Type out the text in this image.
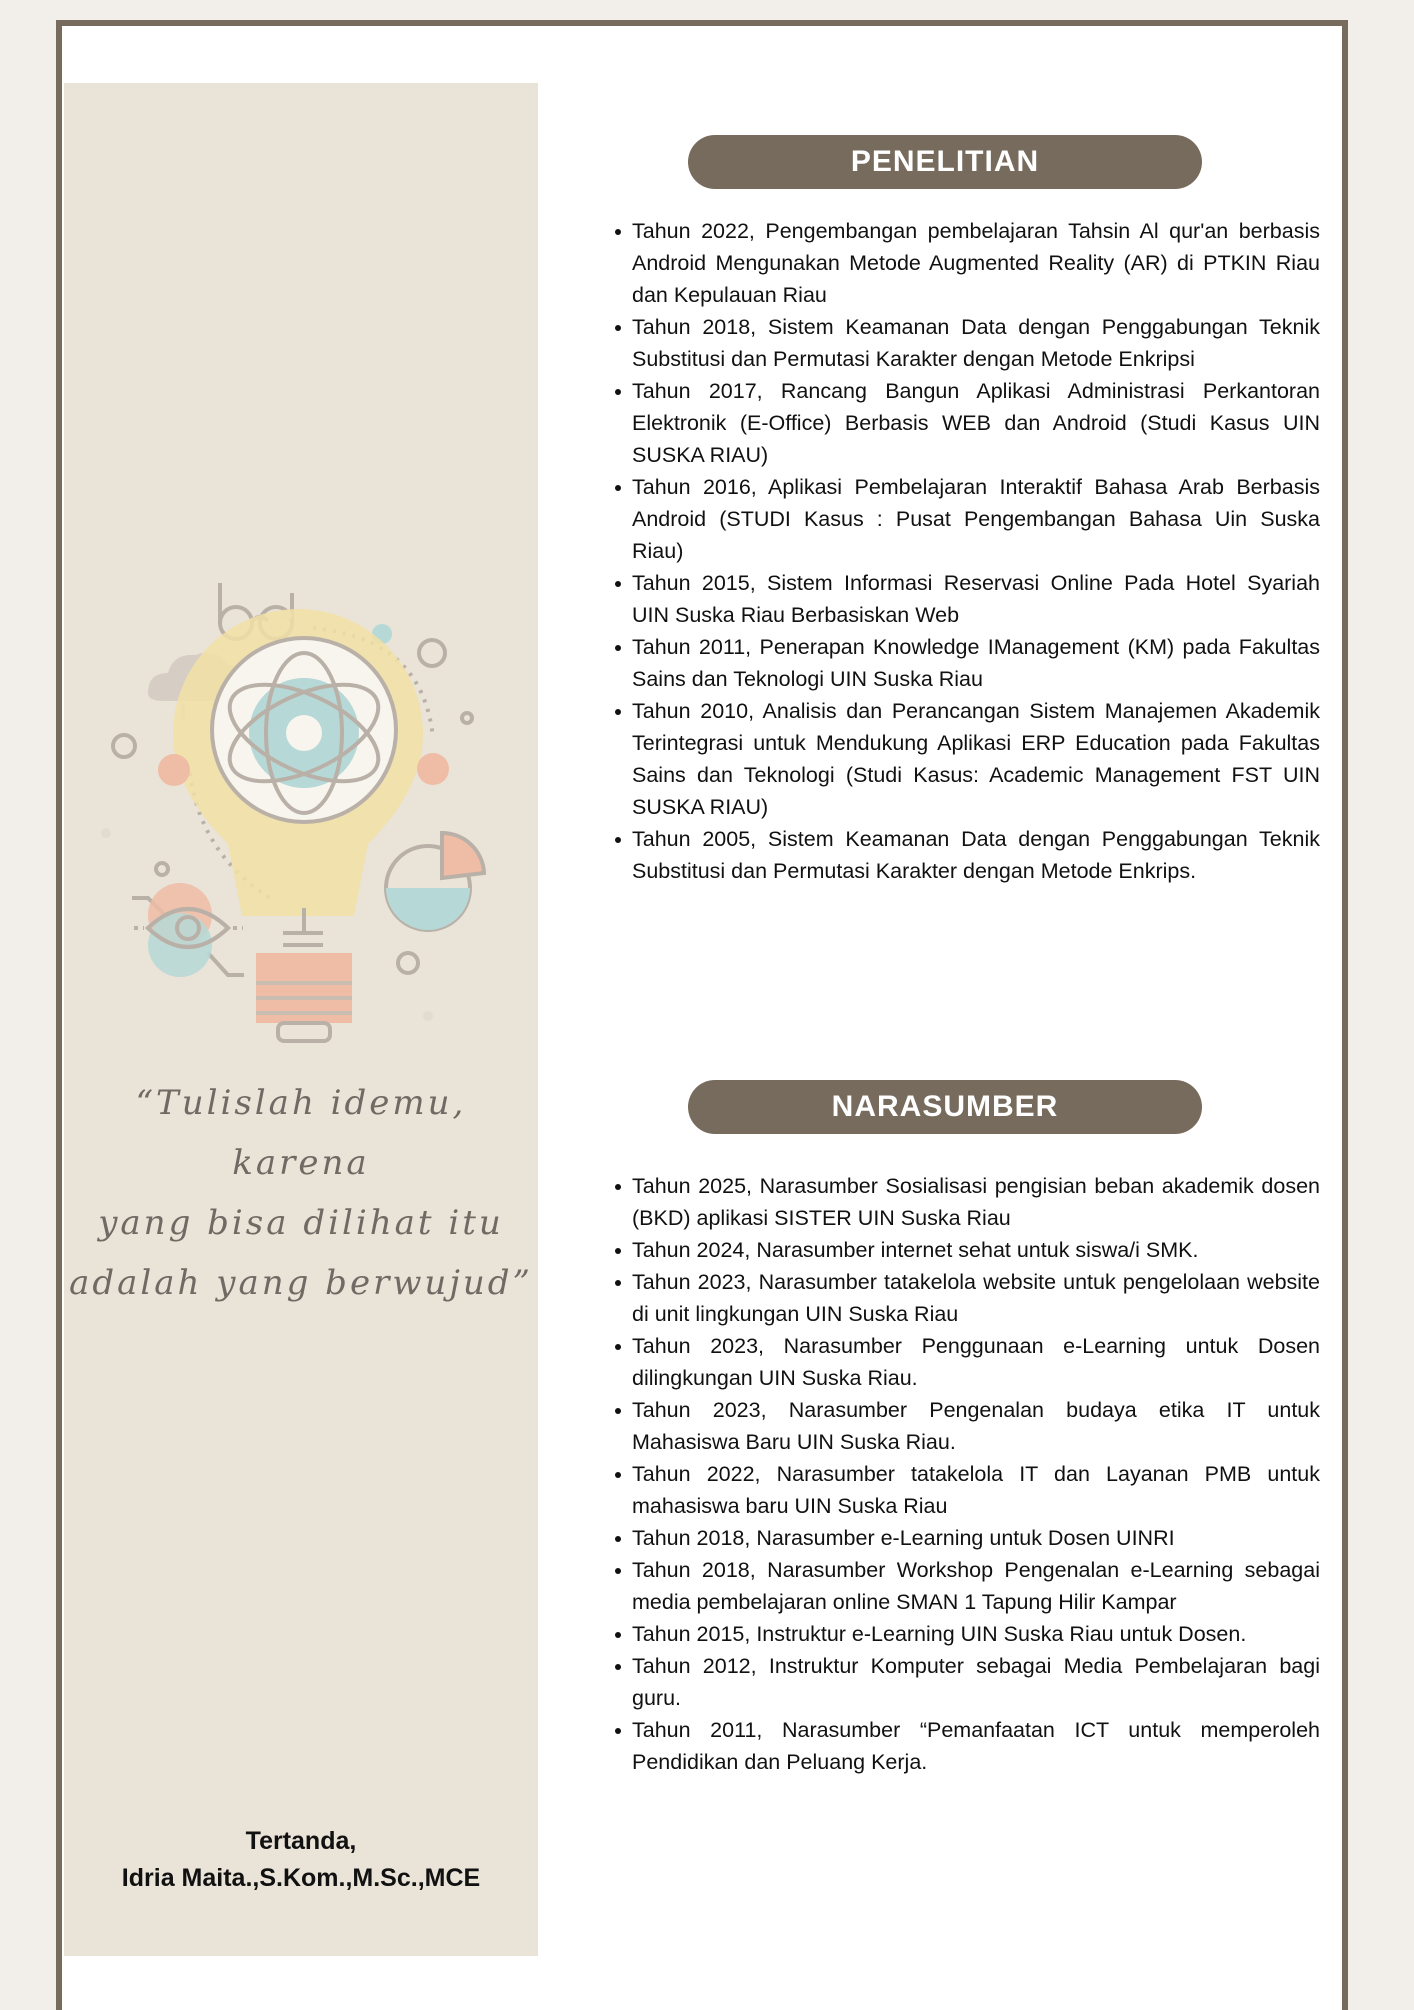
“Tulislah idemu, karena
yang bisa dilihat itu
adalah yang berwujud”
Tertanda,
Idria Maita.,S.Kom.,M.Sc.,MCE
PENELITIAN
Tahun 2022, Pengembangan pembelajaran Tahsin Al qur'an berbasis Android Mengunakan Metode Augmented Reality (AR) di PTKIN Riau dan Kepulauan Riau
Tahun 2018, Sistem Keamanan Data dengan Penggabungan Teknik Substitusi dan Permutasi Karakter dengan Metode Enkripsi
Tahun 2017, Rancang Bangun Aplikasi Administrasi Perkantoran Elektronik (E-Office) Berbasis WEB dan Android (Studi Kasus UIN SUSKA RIAU)
Tahun 2016, Aplikasi Pembelajaran Interaktif Bahasa Arab Berbasis Android (STUDI Kasus : Pusat Pengembangan Bahasa Uin Suska Riau)
Tahun 2015, Sistem Informasi Reservasi Online Pada Hotel Syariah UIN Suska Riau Berbasiskan Web
Tahun 2011, Penerapan Knowledge IManagement (KM) pada Fakultas Sains dan Teknologi UIN Suska Riau
Tahun 2010, Analisis dan Perancangan Sistem Manajemen Akademik Terintegrasi untuk Mendukung Aplikasi ERP Education pada Fakultas Sains dan Teknologi (Studi Kasus: Academic Management FST UIN SUSKA RIAU)
Tahun 2005, Sistem Keamanan Data dengan Penggabungan Teknik Substitusi dan Permutasi Karakter dengan Metode Enkrips.
NARASUMBER
Tahun 2025, Narasumber Sosialisasi pengisian beban akademik dosen (BKD) aplikasi SISTER UIN Suska Riau
Tahun 2024, Narasumber internet sehat untuk siswa/i SMK.
Tahun 2023, Narasumber tatakelola website untuk pengelolaan website di unit lingkungan UIN Suska Riau
Tahun 2023, Narasumber Penggunaan e-Learning untuk Dosen dilingkungan UIN Suska Riau.
Tahun 2023, Narasumber Pengenalan budaya etika IT untuk Mahasiswa Baru UIN Suska Riau.
Tahun 2022, Narasumber tatakelola IT dan Layanan PMB untuk mahasiswa baru UIN Suska Riau
Tahun 2018, Narasumber e-Learning untuk Dosen UINRI
Tahun 2018, Narasumber Workshop Pengenalan e-Learning sebagai media pembelajaran online SMAN 1 Tapung Hilir Kampar
Tahun 2015, Instruktur e-Learning UIN Suska Riau untuk Dosen.
Tahun 2012, Instruktur Komputer sebagai Media Pembelajaran bagi guru.
Tahun 2011, Narasumber “Pemanfaatan ICT untuk memperoleh Pendidikan dan Peluang Kerja.
